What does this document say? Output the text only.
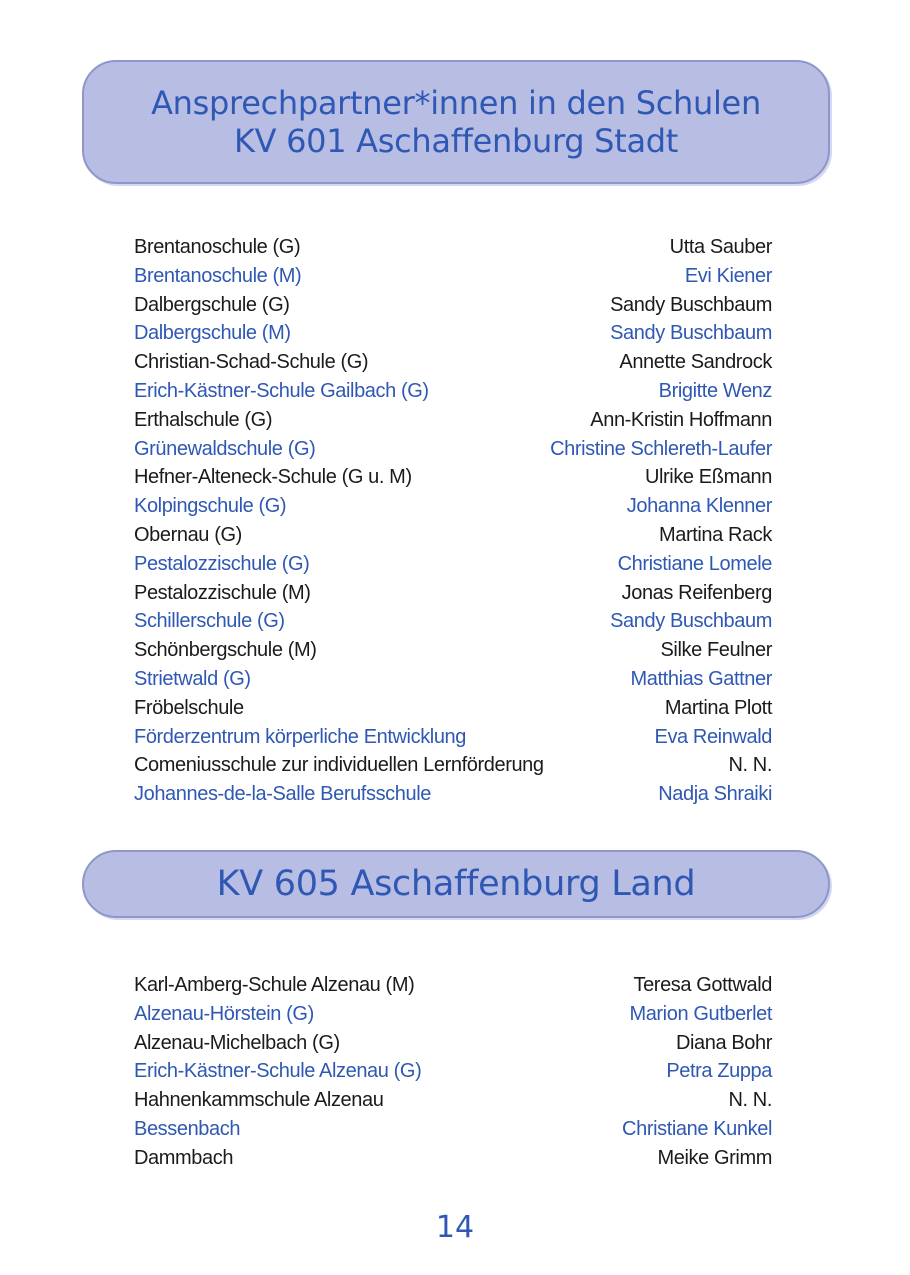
Ansprechpartner*innen in den Schulen
KV 601 Aschaffenburg Stadt
Brentanoschule (G)	Utta Sauber
Brentanoschule (M)	Evi Kiener
Dalbergschule (G)	Sandy Buschbaum
Dalbergschule (M)	Sandy Buschbaum
Christian-Schad-Schule (G)	Annette Sandrock
Erich-Kästner-Schule Gailbach (G)	Brigitte Wenz
Erthalschule (G)	Ann-Kristin Hoffmann
Grünewaldschule (G)	Christine Schlereth-Laufer
Hefner-Alteneck-Schule (G u. M)	Ulrike Eßmann
Kolpingschule (G)	Johanna Klenner
Obernau (G)	Martina Rack
Pestalozzischule (G)	Christiane Lomele
Pestalozzischule (M)	Jonas Reifenberg
Schillerschule (G)	Sandy Buschbaum
Schönbergschule (M)	Silke Feulner
Strietwald (G)	Matthias Gattner
Fröbelschule	Martina Plott
Förderzentrum körperliche Entwicklung	Eva Reinwald
Comeniusschule zur individuellen Lernförderung	N. N.
Johannes-de-la-Salle Berufsschule	Nadja Shraiki
KV 605 Aschaffenburg Land
Karl-Amberg-Schule Alzenau (M)	Teresa Gottwald
Alzenau-Hörstein (G)	Marion Gutberlet
Alzenau-Michelbach (G)	Diana Bohr
Erich-Kästner-Schule Alzenau (G)	Petra Zuppa
Hahnenkammschule Alzenau	N. N.
Bessenbach	Christiane Kunkel
Dammbach	Meike Grimm
14
